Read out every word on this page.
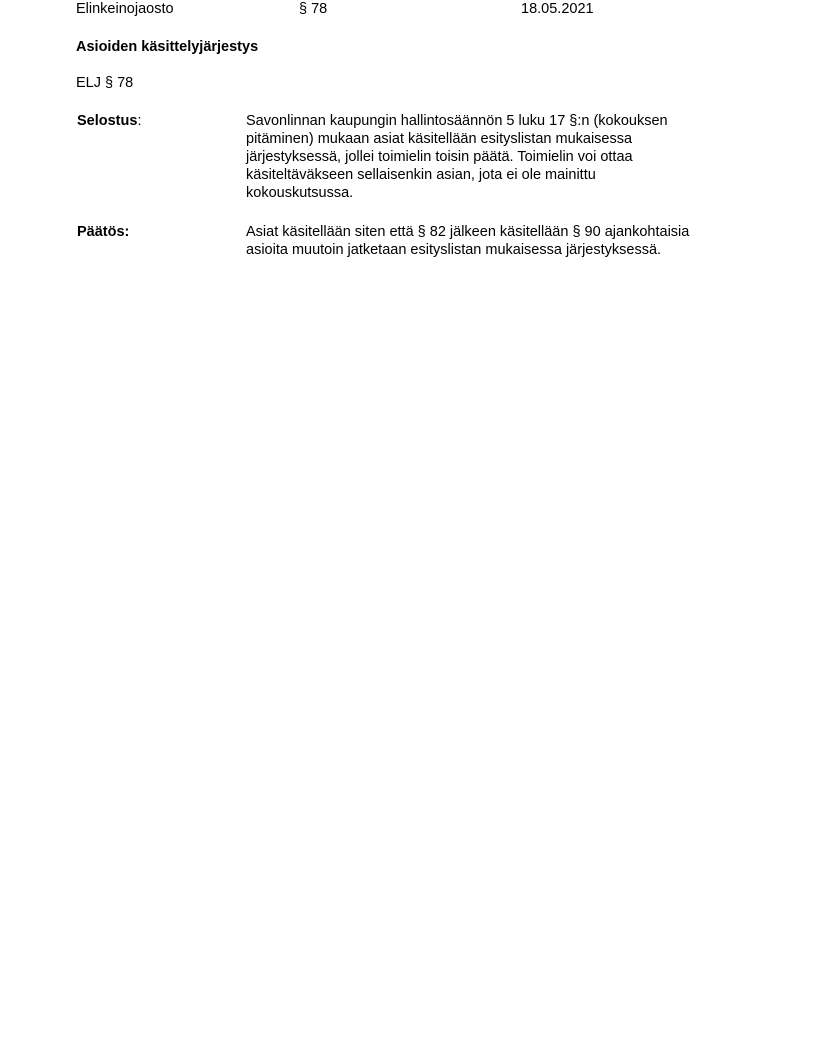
Elinkeinojaosto	§ 78	18.05.2021
Asioiden käsittelyjärjestys
ELJ § 78
Selostus:	Savonlinnan kaupungin hallintosäännön 5 luku 17 §:n (kokouksen

pitäminen) mukaan asiat käsitellään esityslistan mukaisessa

järjestyksessä, jollei toimielin toisin päätä. Toimielin voi ottaa

käsiteltäväkseen sellaisenkin asian, jota ei ole mainittu

kokouskutsussa.

Päätös:	Asiat käsitellään siten että § 82 jälkeen käsitellään § 90 ajankohtaisia

asioita muutoin jatketaan esityslistan mukaisessa järjestyksessä.
